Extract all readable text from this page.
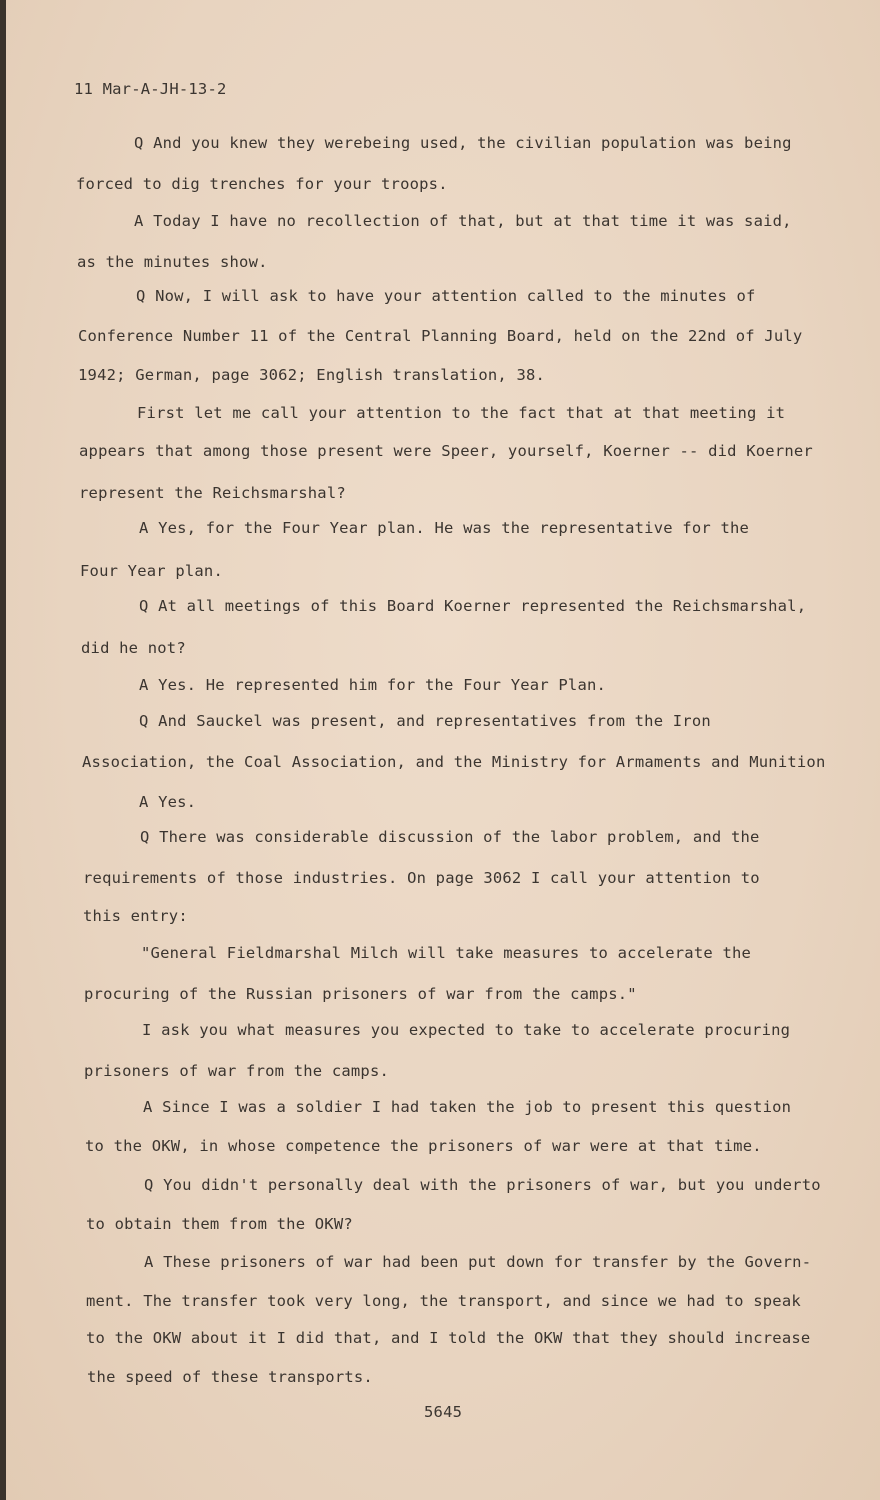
11 Mar-A-JH-13-2
Q And you knew they werebeing used, the civilian population was being
forced to dig trenches for your troops.
A Today I have no recollection of that, but at that time it was said,
as the minutes show.
Q Now, I will ask to have your attention called to the minutes of
Conference Number 11 of the Central Planning Board, held on the 22nd of July
1942; German, page 3062; English translation, 38.
First let me call your attention to the fact that at that meeting it
appears that among those present were Speer, yourself, Koerner -- did Koerner
represent the Reichsmarshal?
A Yes, for the Four Year plan. He was the representative for the
Four Year plan.
Q At all meetings of this Board Koerner represented the Reichsmarshal,
did he not?
A Yes. He represented him for the Four Year Plan.
Q And Sauckel was present, and representatives from the Iron
Association, the Coal Association, and the Ministry for Armaments and Munition
A Yes.
Q There was considerable discussion of the labor problem, and the
requirements of those industries. On page 3062 I call your attention to
this entry:
"General Fieldmarshal Milch will take measures to accelerate the
procuring of the Russian prisoners of war from the camps."
I ask you what measures you expected to take to accelerate procuring
prisoners of war from the camps.
A Since I was a soldier I had taken the job to present this question
to the OKW, in whose competence the prisoners of war were at that time.
Q You didn't personally deal with the prisoners of war, but you underto
to obtain them from the OKW?
A These prisoners of war had been put down for transfer by the Govern-
ment. The transfer took very long, the transport, and since we had to speak
to the OKW about it I did that, and I told the OKW that they should increase
the speed of these transports.
5645
